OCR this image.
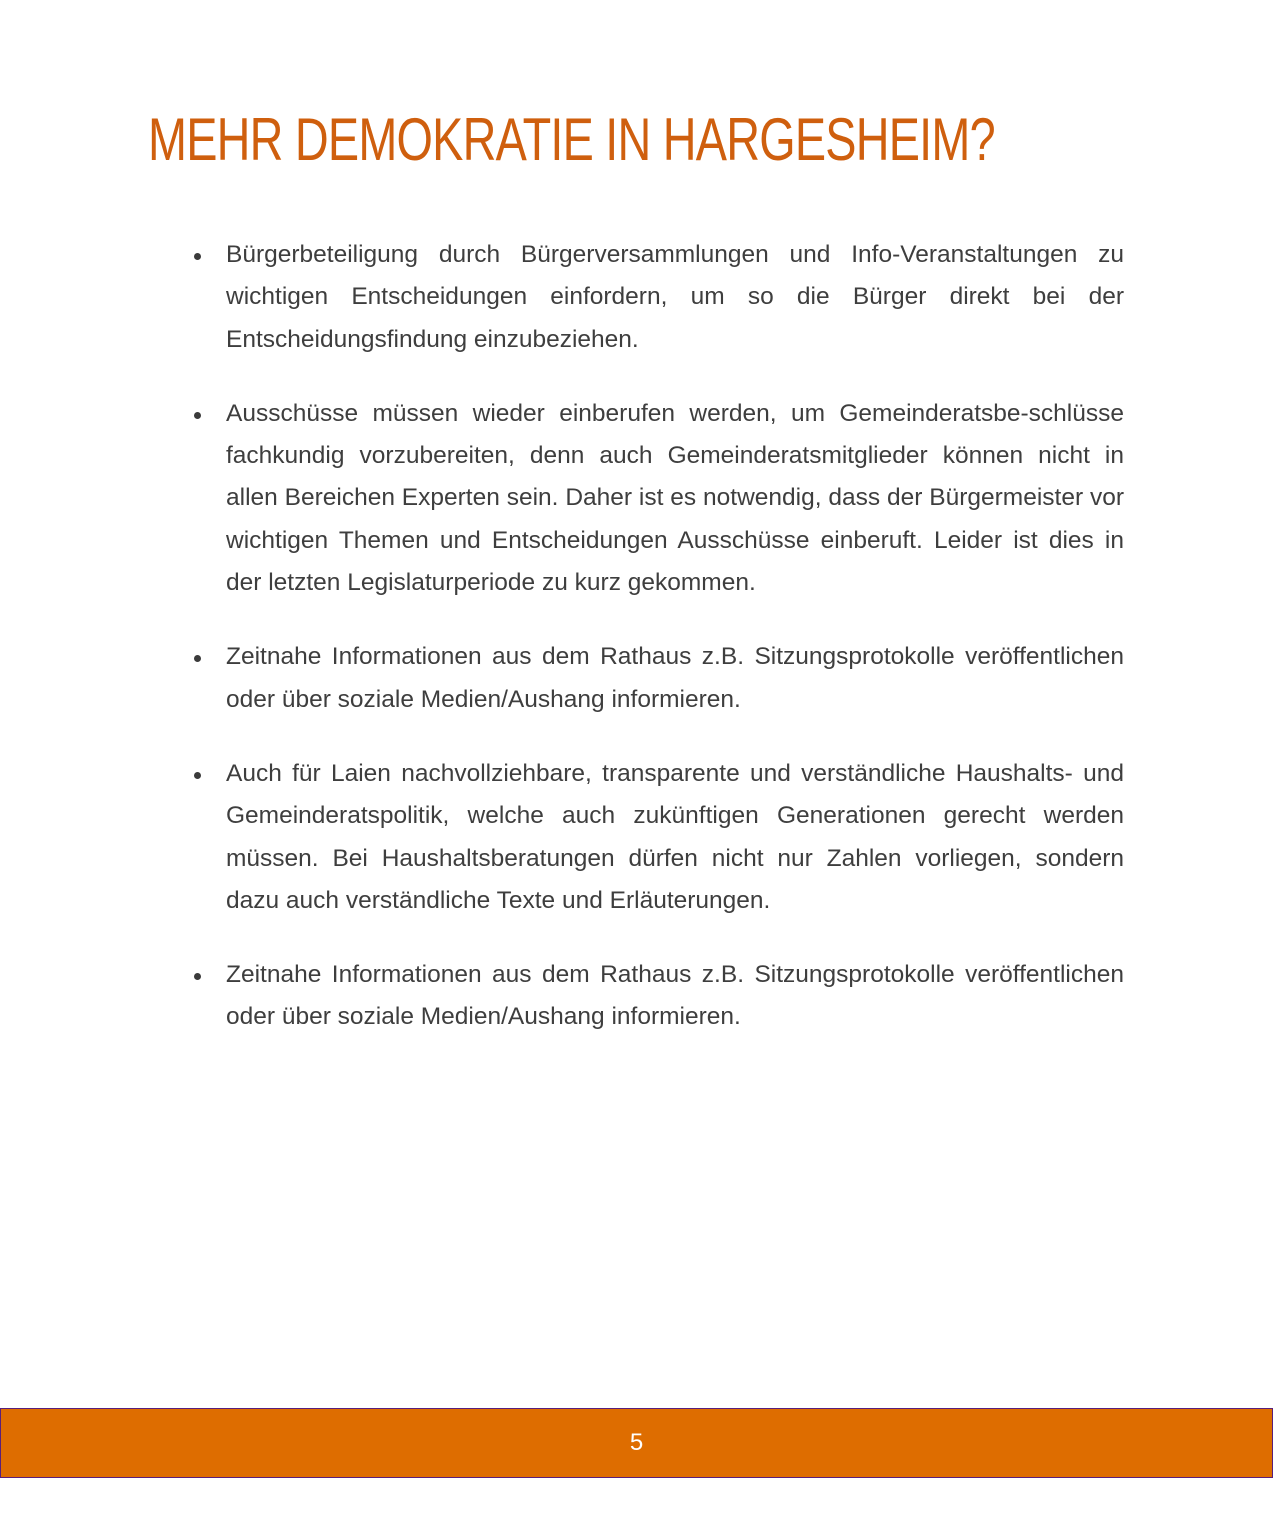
MEHR DEMOKRATIE IN HARGESHEIM?
Bürgerbeteiligung durch Bürgerversammlungen und Info-Veranstaltungen zu wichtigen Entscheidungen einfordern, um so die Bürger direkt bei der Entscheidungsfindung einzubeziehen.
Ausschüsse müssen wieder einberufen werden, um Gemeinderatsbe-schlüsse fachkundig vorzubereiten, denn auch Gemeinderatsmitglieder können nicht in allen Bereichen Experten sein. Daher ist es notwendig, dass der Bürgermeister vor wichtigen Themen und Entscheidungen Ausschüsse einberuft. Leider ist dies in der letzten Legislaturperiode zu kurz gekommen.
Zeitnahe Informationen aus dem Rathaus z.B. Sitzungsprotokolle veröffentlichen oder über soziale Medien/Aushang informieren.
Auch für Laien nachvollziehbare, transparente und verständliche Haushalts- und Gemeinderatspolitik, welche auch zukünftigen Generationen gerecht werden müssen. Bei Haushaltsberatungen dürfen nicht nur Zahlen vorliegen, sondern dazu auch verständliche Texte und Erläuterungen.
Zeitnahe Informationen aus dem Rathaus z.B. Sitzungsprotokolle veröffentlichen oder über soziale Medien/Aushang informieren.
5
